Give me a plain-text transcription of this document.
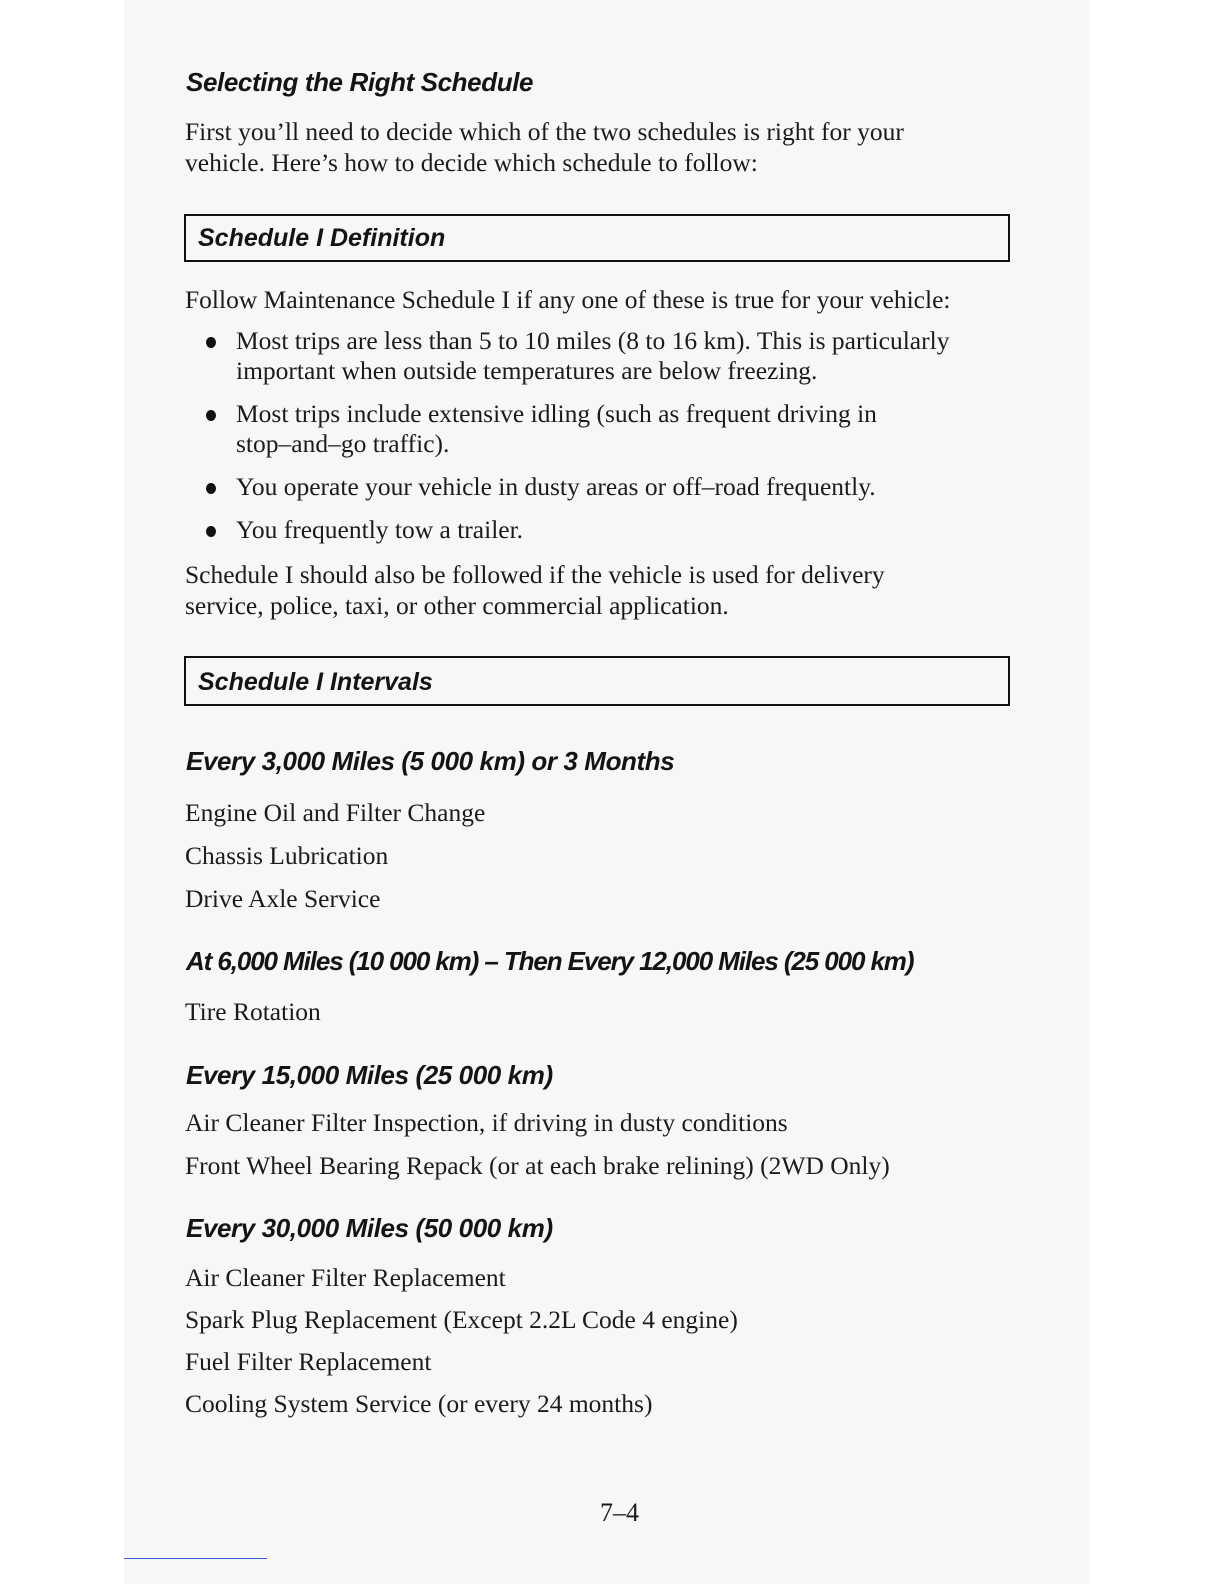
Selecting the Right Schedule

First you’ll need to decide which of the two schedules is right for your
vehicle. Here’s how to decide which schedule to follow:

Schedule I Definition

Follow Maintenance Schedule I if any one of these is true for your vehicle:

Most trips are less than 5 to 10 miles (8 to 16 km). This is particularly
important when outside temperatures are below freezing.
Most trips include extensive idling (such as frequent driving in
stop–and–go traffic).
You operate your vehicle in dusty areas or off–road frequently.
You frequently tow a trailer.

Schedule I should also be followed if the vehicle is used for delivery
service, police, taxi, or other commercial application.

Schedule I Intervals
Every 3,000 Miles (5 000 km) or 3 Months
Engine Oil and Filter Change
Chassis Lubrication
Drive Axle Service
At 6,000 Miles (10 000 km) – Then Every 12,000 Miles (25 000 km)
Tire Rotation
Every 15,000 Miles (25 000 km)
Air Cleaner Filter Inspection, if driving in dusty conditions
Front Wheel Bearing Repack (or at each brake relining) (2WD Only)
Every 30,000 Miles (50 000 km)
Air Cleaner Filter Replacement
Spark Plug Replacement (Except 2.2L Code 4 engine)
Fuel Filter Replacement
Cooling System Service (or every 24 months)
7–4
